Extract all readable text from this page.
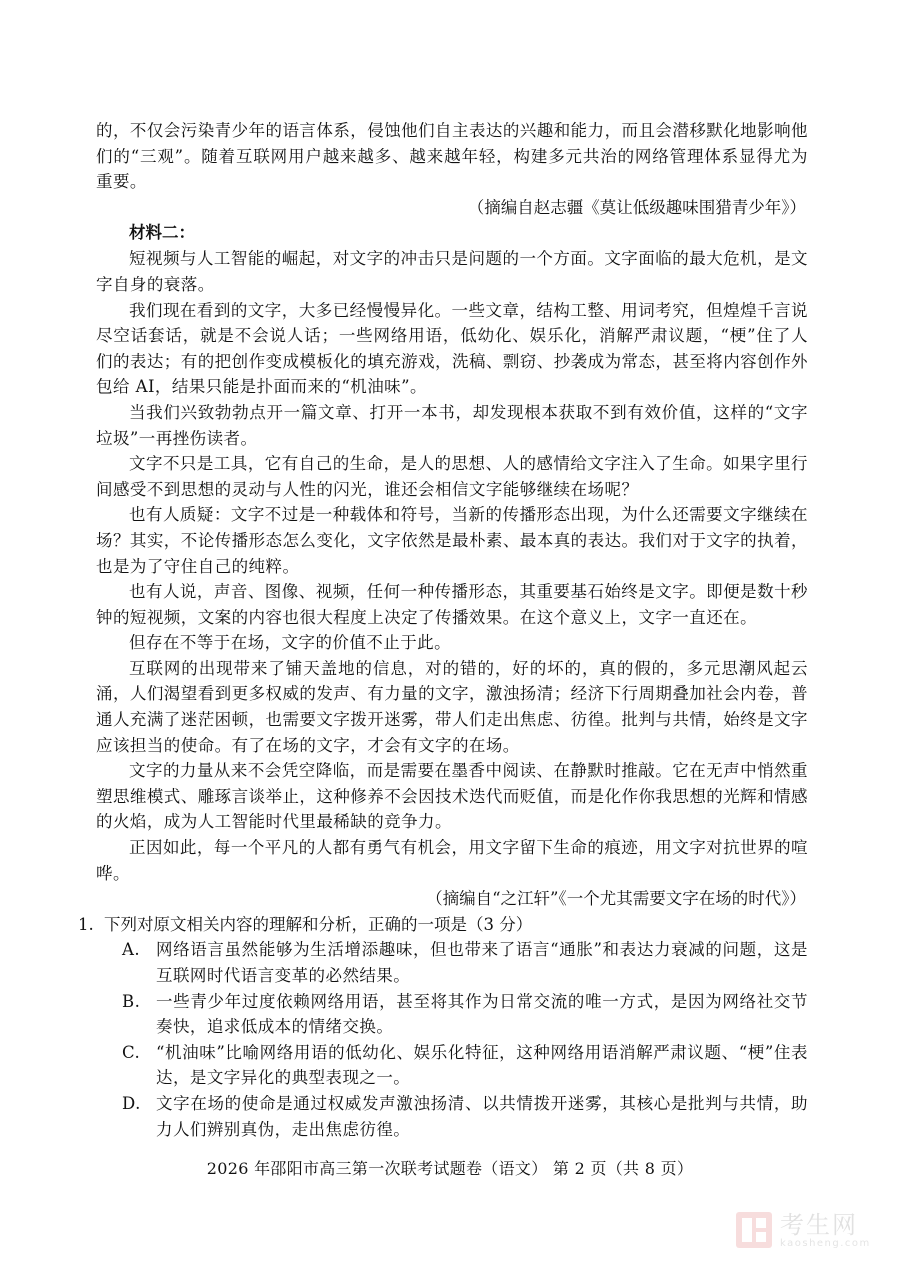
的，不仅会污染青少年的语言体系，侵蚀他们自主表达的兴趣和能力，而且会潜移默化地影响他们的“三观”。随着互联网用户越来越多、越来越年轻，构建多元共治的网络管理体系显得尤为重要。

（摘编自赵志疆《莫让低级趣味围猎青少年》）

材料二：

短视频与人工智能的崛起，对文字的冲击只是问题的一个方面。文字面临的最大危机，是文字自身的衰落。

我们现在看到的文字，大多已经慢慢异化。一些文章，结构工整、用词考究，但煌煌千言说尽空话套话，就是不会说人话；一些网络用语，低幼化、娱乐化，消解严肃议题，“梗”住了人们的表达；有的把创作变成模板化的填充游戏，洗稿、剽窃、抄袭成为常态，甚至将内容创作外包给 AI，结果只能是扑面而来的“机油味”。

当我们兴致勃勃点开一篇文章、打开一本书，却发现根本获取不到有效价值，这样的“文字垃圾”一再挫伤读者。

文字不只是工具，它有自己的生命，是人的思想、人的感情给文字注入了生命。如果字里行间感受不到思想的灵动与人性的闪光，谁还会相信文字能够继续在场呢？

也有人质疑：文字不过是一种载体和符号，当新的传播形态出现，为什么还需要文字继续在场？其实，不论传播形态怎么变化，文字依然是最朴素、最本真的表达。我们对于文字的执着，也是为了守住自己的纯粹。

也有人说，声音、图像、视频，任何一种传播形态，其重要基石始终是文字。即便是数十秒钟的短视频，文案的内容也很大程度上决定了传播效果。在这个意义上，文字一直还在。

但存在不等于在场，文字的价值不止于此。

互联网的出现带来了铺天盖地的信息，对的错的，好的坏的，真的假的，多元思潮风起云涌，人们渴望看到更多权威的发声、有力量的文字，激浊扬清；经济下行周期叠加社会内卷，普通人充满了迷茫困顿，也需要文字拨开迷雾，带人们走出焦虑、彷徨。批判与共情，始终是文字应该担当的使命。有了在场的文字，才会有文字的在场。

文字的力量从来不会凭空降临，而是需要在墨香中阅读、在静默时推敲。它在无声中悄然重塑思维模式、雕琢言谈举止，这种修养不会因技术迭代而贬值，而是化作你我思想的光辉和情感的火焰，成为人工智能时代里最稀缺的竞争力。

正因如此，每一个平凡的人都有勇气有机会，用文字留下生命的痕迹，用文字对抗世界的喧哗。

（摘编自“之江轩”《一个尤其需要文字在场的时代》）

1. 下列对原文相关内容的理解和分析，正确的一项是（3 分）
A. 网络语言虽然能够为生活增添趣味，但也带来了语言“通胀”和表达力衰减的问题，这是互联网时代语言变革的必然结果。
B. 一些青少年过度依赖网络用语，甚至将其作为日常交流的唯一方式，是因为网络社交节奏快，追求低成本的情绪交换。
C. “机油味”比喻网络用语的低幼化、娱乐化特征，这种网络用语消解严肃议题、“梗”住表达，是文字异化的典型表现之一。
D. 文字在场的使命是通过权威发声激浊扬清、以共情拨开迷雾，其核心是批判与共情，助力人们辨别真伪，走出焦虑彷徨。
2026 年邵阳市高三第一次联考试题卷（语文） 第 2 页（共 8 页）
考生网
kaosheng.com
